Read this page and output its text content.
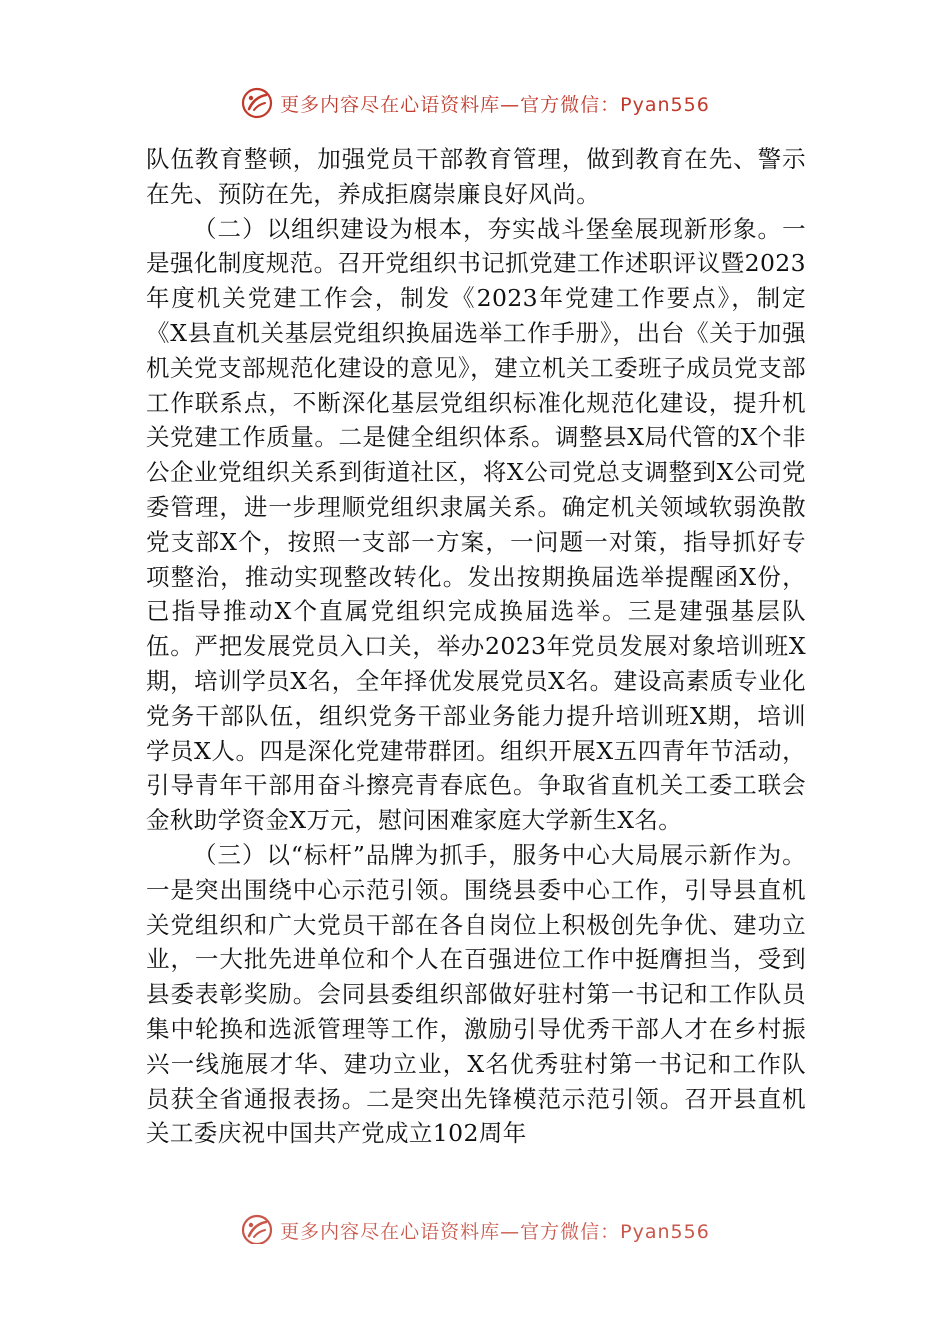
更多内容尽在心语资料库—官方微信：Pyan556

队伍教育整顿，加强党员干部教育管理，做到教育在先、警示在先、预防在先，养成拒腐崇廉良好风尚。

（二）以组织建设为根本，夯实战斗堡垒展现新形象。一是强化制度规范。召开党组织书记抓党建工作述职评议暨2023年度机关党建工作会，制发《2023年党建工作要点》，制定《X县直机关基层党组织换届选举工作手册》，出台《关于加强机关党支部规范化建设的意见》，建立机关工委班子成员党支部工作联系点，不断深化基层党组织标准化规范化建设，提升机关党建工作质量。二是健全组织体系。调整县X局代管的X个非公企业党组织关系到街道社区，将X公司党总支调整到X公司党委管理，进一步理顺党组织隶属关系。确定机关领域软弱涣散党支部X个，按照一支部一方案，一问题一对策，指导抓好专项整治，推动实现整改转化。发出按期换届选举提醒函X份，已指导推动X个直属党组织完成换届选举。三是建强基层队伍。严把发展党员入口关，举办2023年党员发展对象培训班X期，培训学员X名，全年择优发展党员X名。建设高素质专业化党务干部队伍，组织党务干部业务能力提升培训班X期，培训学员X人。四是深化党建带群团。组织开展X五四青年节活动，引导青年干部用奋斗擦亮青春底色。争取省直机关工委工联会金秋助学资金X万元，慰问困难家庭大学新生X名。

（三）以“标杆”品牌为抓手，服务中心大局展示新作为。一是突出围绕中心示范引领。围绕县委中心工作，引导县直机关党组织和广大党员干部在各自岗位上积极创先争优、建功立业，一大批先进单位和个人在百强进位工作中挺膺担当，受到县委表彰奖励。会同县委组织部做好驻村第一书记和工作队员集中轮换和选派管理等工作，激励引导优秀干部人才在乡村振兴一线施展才华、建功立业，X名优秀驻村第一书记和工作队员获全省通报表扬。二是突出先锋模范示范引领。召开县直机关工委庆祝中国共产党成立102周年

更多内容尽在心语资料库—官方微信：Pyan556
